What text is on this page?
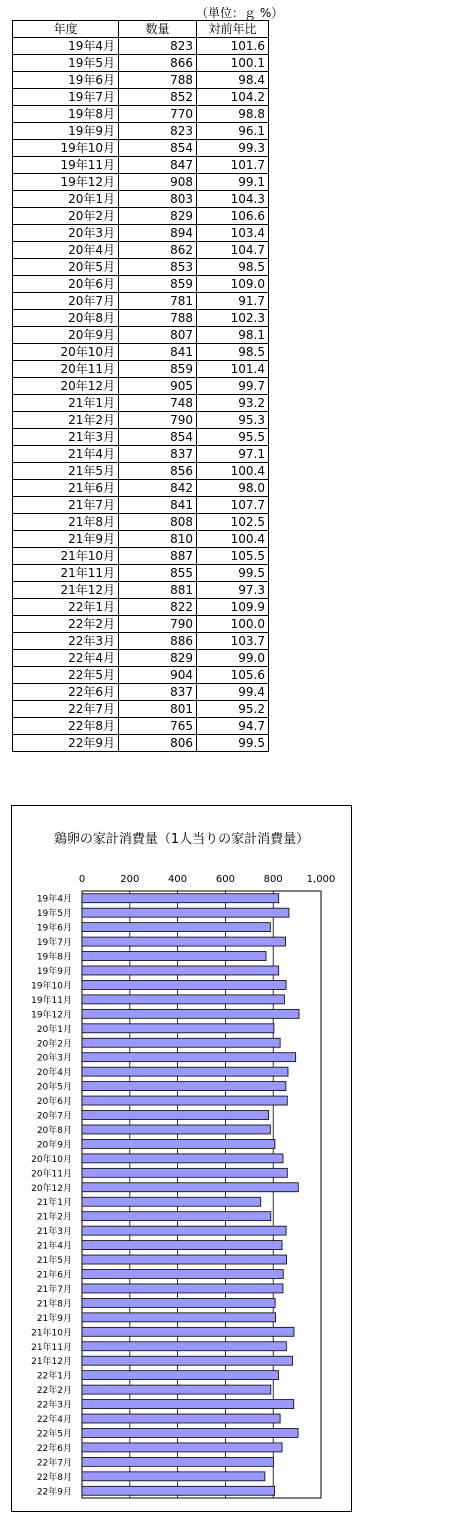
（単位：ｇ %）
年度	数量	対前年比
19年4月	823	101.6
19年5月	866	100.1
19年6月	788	98.4
19年7月	852	104.2
19年8月	770	98.8
19年9月	823	96.1
19年10月	854	99.3
19年11月	847	101.7
19年12月	908	99.1
20年1月	803	104.3
20年2月	829	106.6
20年3月	894	103.4
20年4月	862	104.7
20年5月	853	98.5
20年6月	859	109.0
20年7月	781	91.7
20年8月	788	102.3
20年9月	807	98.1
20年10月	841	98.5
20年11月	859	101.4
20年12月	905	99.7
21年1月	748	93.2
21年2月	790	95.3
21年3月	854	95.5
21年4月	837	97.1
21年5月	856	100.4
21年6月	842	98.0
21年7月	841	107.7
21年8月	808	102.5
21年9月	810	100.4
21年10月	887	105.5
21年11月	855	99.5
21年12月	881	97.3
22年1月	822	109.9
22年2月	790	100.0
22年3月	886	103.7
22年4月	829	99.0
22年5月	904	105.6
22年6月	837	99.4
22年7月	801	95.2
22年8月	765	94.7
22年9月	806	99.5
鶏卵の家計消費量（1人当りの家計消費量）
0	200	400	600	800 1,000
19年4月
19年5月
19年6月
19年7月
19年8月
19年9月
19年10月
19年11月
19年12月
20年1月
20年2月
20年3月
20年4月
20年5月
20年6月
20年7月
20年8月
20年9月
20年10月
20年11月
20年12月
21年1月
21年2月
21年3月
21年4月
21年5月
21年6月
21年7月
21年8月
21年9月
21年10月
21年11月
21年12月
22年1月
22年2月
22年3月
22年4月
22年5月
22年6月
22年7月
22年8月
22年9月
